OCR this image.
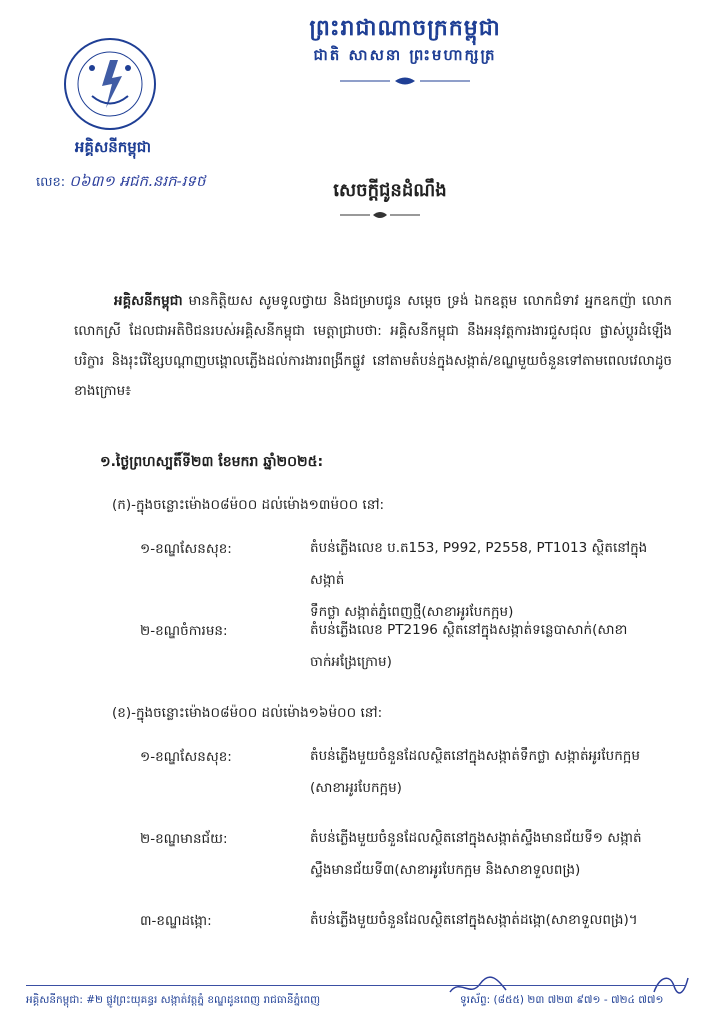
ព្រះរាជាណាចក្រកម្ពុជា
ជាតិ សាសនា ព្រះមហាក្សត្រ
អគ្គិសនីកម្ពុជា
លេខ: ០៦៣១ អជក.នរក-រទថ	សេចក្ដីជូនដំណឹង
អគ្គិសនីកម្ពុជា មានកិត្តិយស សូមទូលថ្វាយ និងជម្រាបជូន សម្តេច ទ្រង់ ឯកឧត្តម លោកជំទាវ អ្នកឧកញ៉ា លោក លោកស្រី ដែលជាអតិថិជនរបស់អគ្គិសនីកម្ពុជា មេត្តាជ្រាបថា: អគ្គិសនីកម្ពុជា នឹងអនុវត្តការងារជួសជុល ផ្លាស់ប្តូរដំឡើងបរិក្ខារ និងរុះរើខ្សែបណ្តាញបង្គោលភ្លើងដល់ការងារពង្រីកផ្លូវ នៅតាមតំបន់ក្នុងសង្កាត់/ខណ្ឌមួយចំនួនទៅតាមពេលវេលាដូចខាងក្រោម៖
១.ថ្ងៃព្រហស្បតិ៍ទី២៣ ខែមករា ឆ្នាំ២០២៥:
(ក)-ក្នុងចន្លោះម៉ោង០៨ម៉០០ ដល់ម៉ោង១៣ម៉០០ នៅ:
១-ខណ្ឌសែនសុខ:	តំបន់ភ្លើងលេខ ប.ត153, P992, P2558, PT1013 ស្ថិតនៅក្នុងសង្កាត់
ទឹកថ្លា សង្កាត់ភ្នំពេញថ្មី(សាខាអូរបែកក្អម)
២-ខណ្ឌចំការមន:	តំបន់ភ្លើងលេខ PT2196 ស្ថិតនៅក្នុងសង្កាត់ទន្លេបាសាក់(សាខា
ចាក់អង្រែក្រោម)
(ខ)-ក្នុងចន្លោះម៉ោង០៨ម៉០០ ដល់ម៉ោង១៦ម៉០០ នៅ:
១-ខណ្ឌសែនសុខ:	តំបន់ភ្លើងមួយចំនួនដែលស្ថិតនៅក្នុងសង្កាត់ទឹកថ្លា សង្កាត់អូរបែកក្អម
(សាខាអូរបែកក្អម)
២-ខណ្ឌមានជ័យ:	តំបន់ភ្លើងមួយចំនួនដែលស្ថិតនៅក្នុងសង្កាត់ស្ទឹងមានជ័យទី១ សង្កាត់
ស្ទឹងមានជ័យទី៣(សាខាអូរបែកក្អម និងសាខាទួលពង្រ)
៣-ខណ្ឌដង្កោ:	តំបន់ភ្លើងមួយចំនួនដែលស្ថិតនៅក្នុងសង្កាត់ដង្កោ(សាខាទួលពង្រ)។
អគ្គិសនីកម្ពុជា: #២ ផ្លូវព្រះយុគន្ធរ សង្កាត់វត្តភ្នំ ខណ្ឌដូនពេញ រាជធានីភ្នំពេញ	ទូរស័ព្ទ: (៨៥៥) ២៣ ៧២៣ ៩៧១ - ៧២៤ ៧៧១
